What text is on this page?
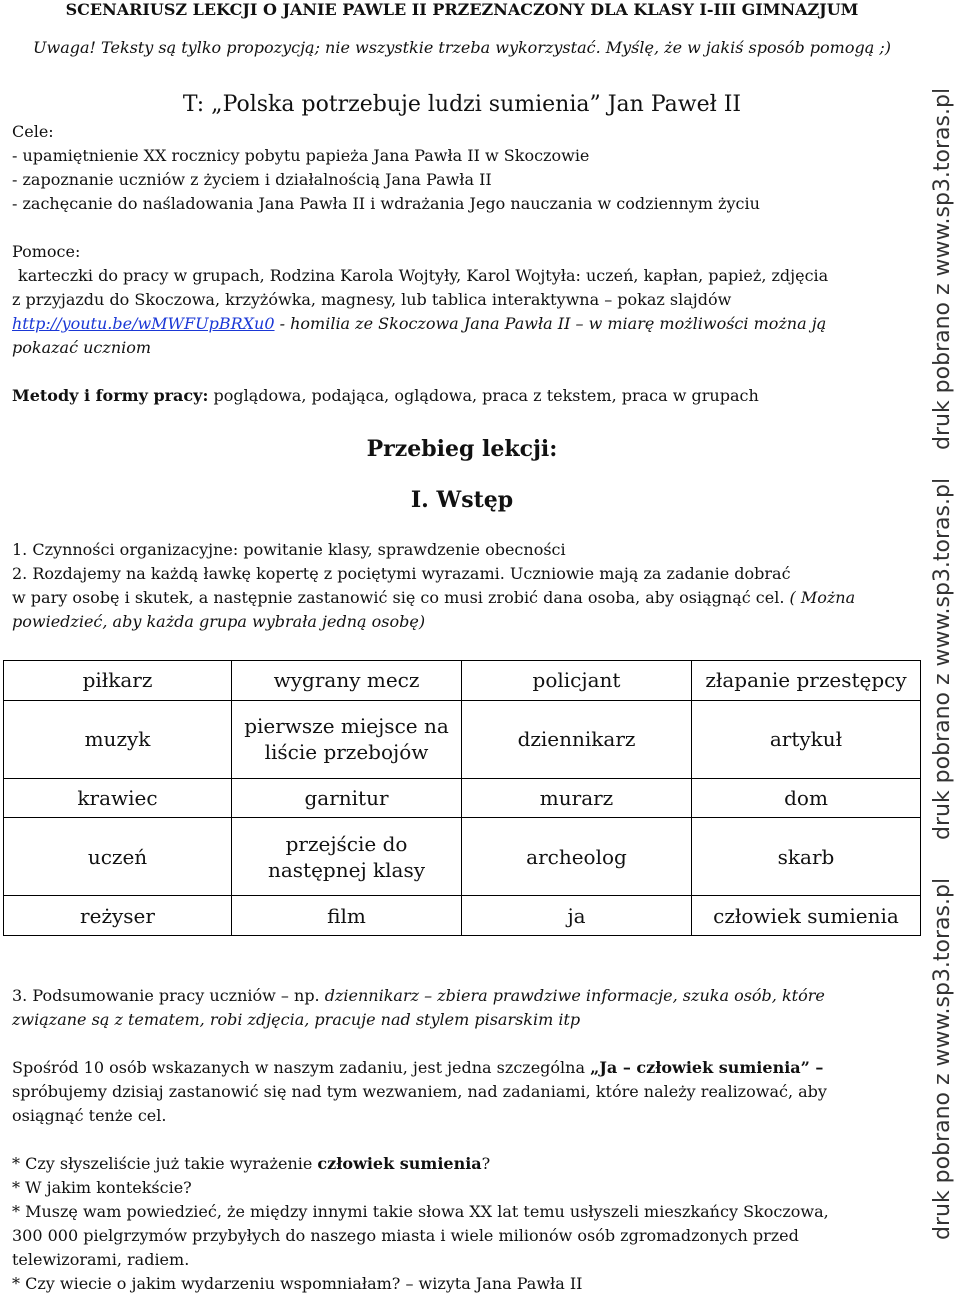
SCENARIUSZ LEKCJI O JANIE PAWLE II PRZEZNACZONY DLA KLASY I-III GIMNAZJUM
Uwaga! Teksty są tylko propozycją; nie wszystkie trzeba wykorzystać. Myślę, że w jakiś sposób pomogą ;)
T: „Polska potrzebuje ludzi sumienia” Jan Paweł II
Cele:
- upamiętnienie XX rocznicy pobytu papieża Jana Pawła II w Skoczowie
- zapoznanie uczniów z życiem i działalnością Jana Pawła II
- zachęcanie do naśladowania Jana Pawła II i wdrażania Jego nauczania w codziennym życiu
Pomoce:
karteczki do pracy w grupach, Rodzina Karola Wojtyły, Karol Wojtyła: uczeń, kapłan, papież, zdjęcia
z przyjazdu do Skoczowa, krzyżówka, magnesy, lub tablica interaktywna – pokaz slajdów
http://youtu.be/wMWFUpBRXu0 - homilia ze Skoczowa Jana Pawła II – w miarę możliwości można ją
pokazać uczniom
Metody i formy pracy: poglądowa, podająca, oglądowa, praca z tekstem, praca w grupach
Przebieg lekcji:
I. Wstęp
1. Czynności organizacyjne: powitanie klasy, sprawdzenie obecności
2. Rozdajemy na każdą ławkę kopertę z pociętymi wyrazami. Uczniowie mają za zadanie dobrać
w pary osobę i skutek, a następnie zastanowić się co musi zrobić dana osoba, aby osiągnąć cel. ( Można
powiedzieć, aby każda grupa wybrała jedną osobę)
piłkarz	wygrany mecz	policjant	złapanie przestępcy
muzyk	pierwsze miejsce na liście przebojów	dziennikarz	artykuł
krawiec	garnitur	murarz	dom
uczeń	przejście do następnej klasy	archeolog	skarb
reżyser	film	ja	człowiek sumienia
3. Podsumowanie pracy uczniów – np. dziennikarz – zbiera prawdziwe informacje, szuka osób, które
związane są z tematem, robi zdjęcia, pracuje nad stylem pisarskim itp
Spośród 10 osób wskazanych w naszym zadaniu, jest jedna szczególna „Ja – człowiek sumienia” –
spróbujemy dzisiaj zastanowić się nad tym wezwaniem, nad zadaniami, które należy realizować, aby
osiągnąć tenże cel.
* Czy słyszeliście już takie wyrażenie człowiek sumienia?
* W jakim kontekście?
* Muszę wam powiedzieć, że między innymi takie słowa XX lat temu usłyszeli mieszkańcy Skoczowa,
300 000 pielgrzymów przybyłych do naszego miasta i wiele milionów osób zgromadzonych przed
telewizorami, radiem.
* Czy wiecie o jakim wydarzeniu wspomniałam? – wizyta Jana Pawła II
druk pobrano z www.sp3.toras.pl
druk pobrano z www.sp3.toras.pl
druk pobrano z www.sp3.toras.pl
